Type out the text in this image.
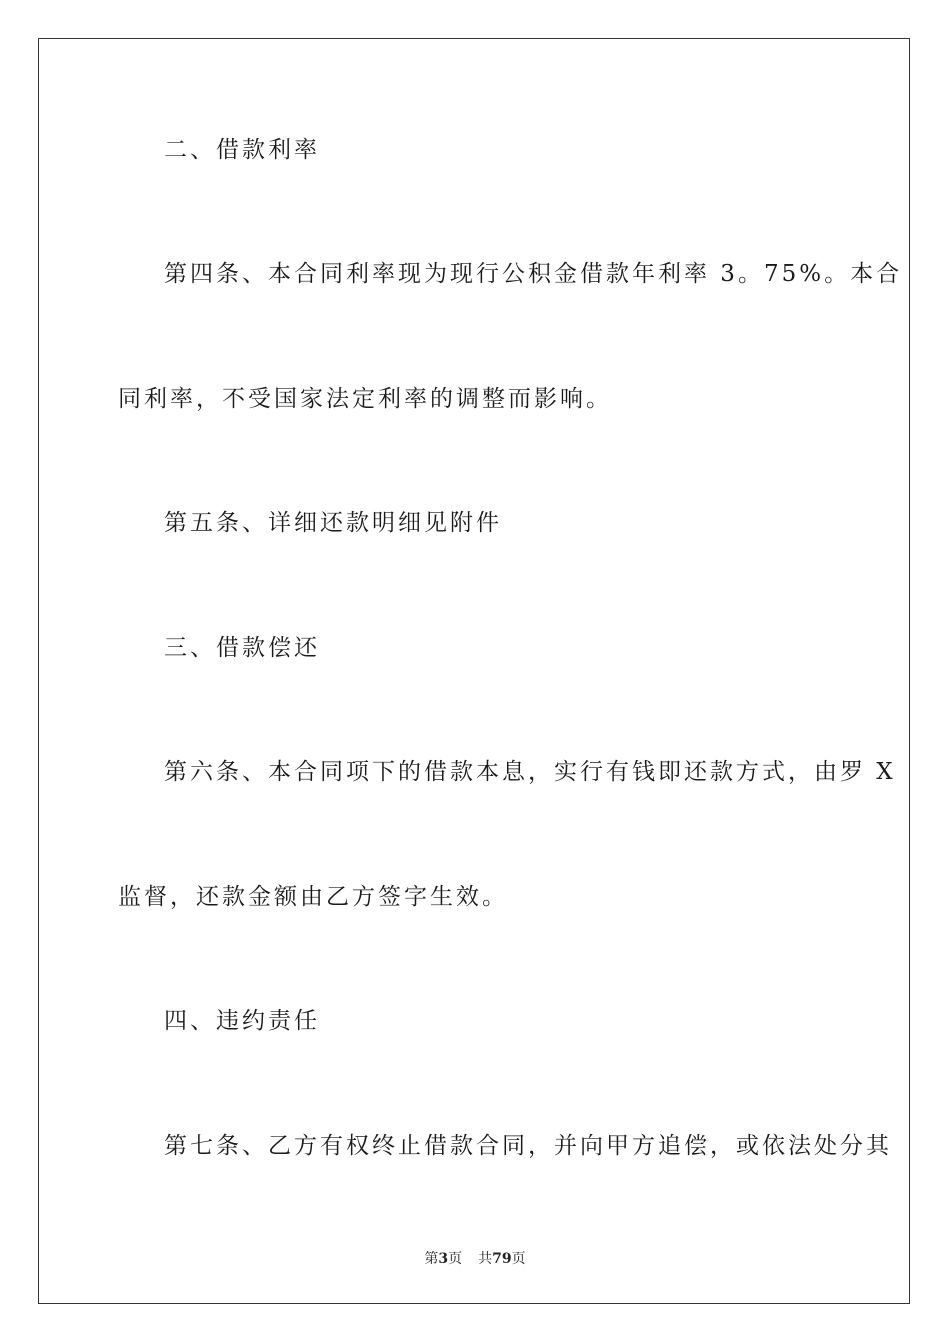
二、借款利率
第四条、本合同利率现为现行公积金借款年利率 3。75%。本合
同利率，不受国家法定利率的调整而影响。
第五条、详细还款明细见附件
三、借款偿还
第六条、本合同项下的借款本息，实行有钱即还款方式，由罗 X
监督，还款金额由乙方签字生效。
四、违约责任
第七条、乙方有权终止借款合同，并向甲方追偿，或依法处分其
第3页 共79页
